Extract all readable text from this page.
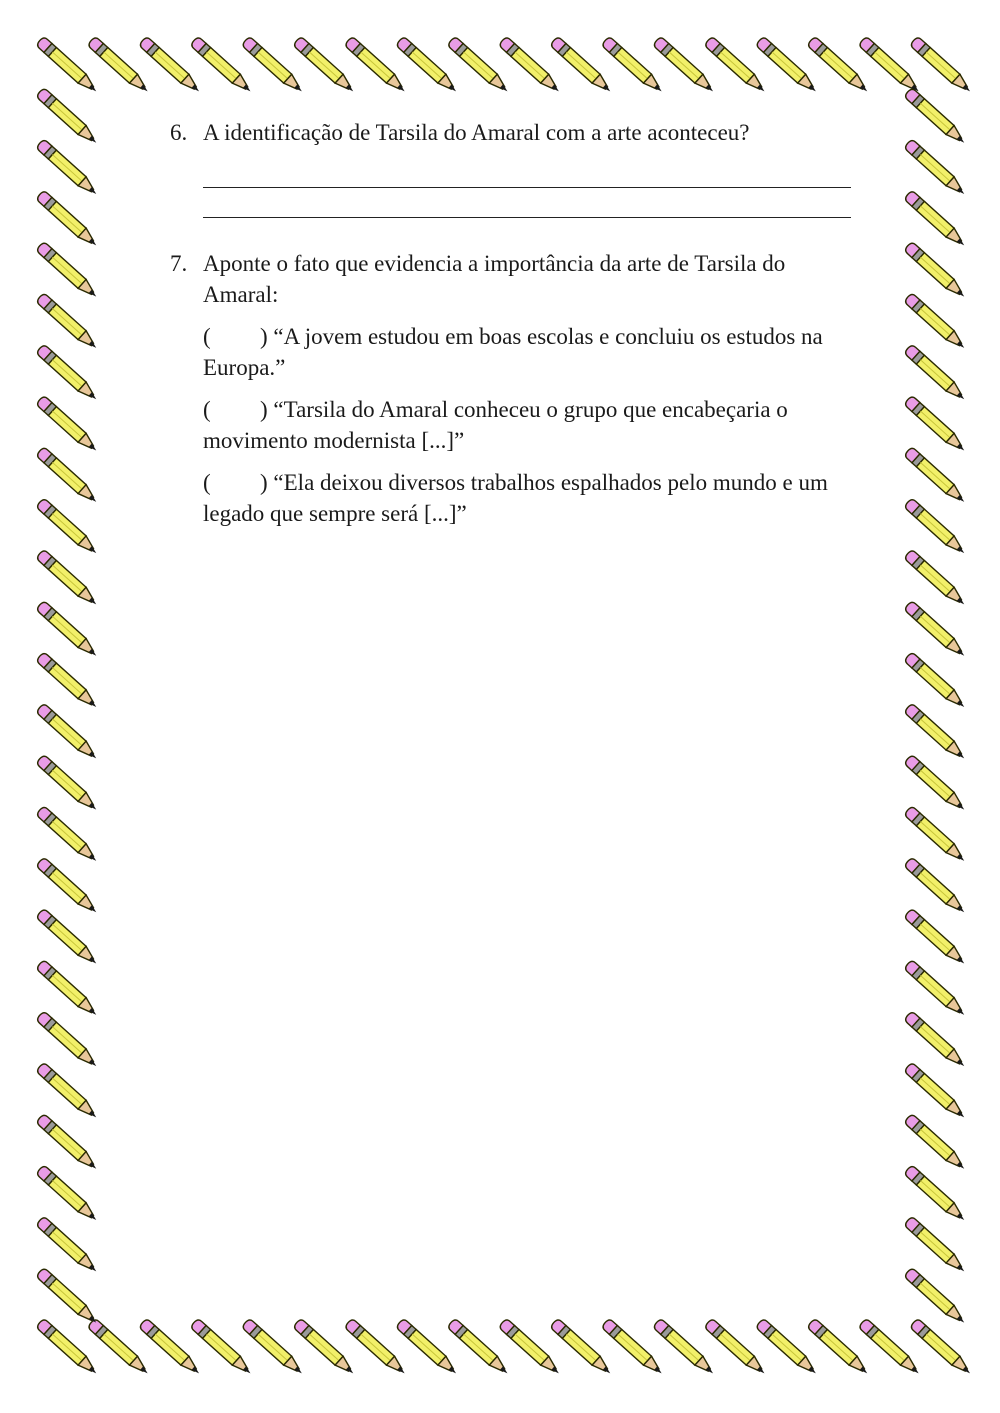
6. A identificação de Tarsila do Amaral com a arte aconteceu?
7. Aponte o fato que evidencia a importância da arte de Tarsila do Amaral:
( ) “A jovem estudou em boas escolas e concluiu os estudos na Europa.”
( ) “Tarsila do Amaral conheceu o grupo que encabeçaria o movimento modernista [...]”
( ) “Ela deixou diversos trabalhos espalhados pelo mundo e um legado que sempre será [...]”
